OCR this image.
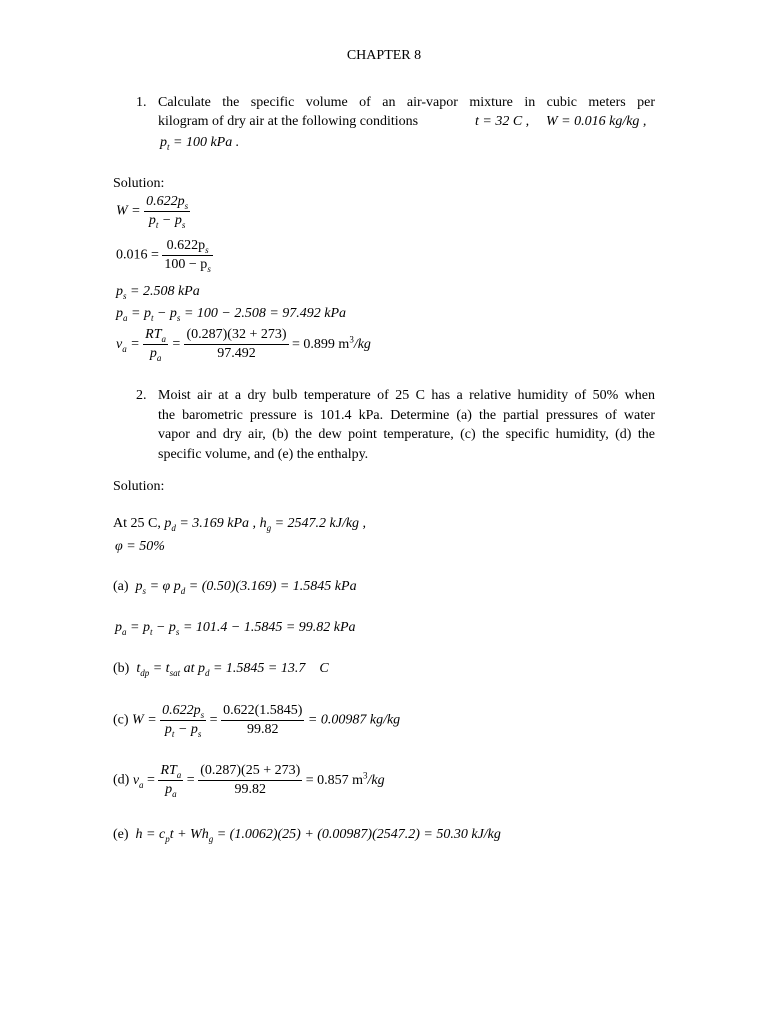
CHAPTER 8
1. Calculate the specific volume of an air-vapor mixture in cubic meters per
kilogram of dry air at the following conditions	t = 32 C , W = 0.016 kg/kg ,
$p_t = 100$ kPa .
Solution:
$W = \frac{0.622p_s}{p_t - p_s}$
$0.016 = \frac{0.622p_s}{100 - p_s}$
$p_s = 2.508$ kPa
$p_a = p_t - p_s = 100 - 2.508 = 97.492$ kPa
$v_a = \frac{RT_a}{p_a} = \frac{(0.287)(32 + 273)}{97.492} = 0.899$ $m^3/kg$
2. Moist air at a dry bulb temperature of 25 C has a relative humidity of 50% when
the barometric pressure is 101.4 kPa. Determine (a) the partial pressures of water
vapor and dry air, (b) the dew point temperature, (c) the specific humidity, (d) the
specific volume, and (e) the enthalpy.
Solution:
At 25 C, $p_d = 3.169$ kPa , $h_g = 2547.2$ kJ/kg ,
φ = 50%
(a) $p_s = \varphi$ $p_d = (0.50)(3.169) = 1.5845$ kPa
$p_a = p_t - p_s = 101.4 - 1.5845 = 99.82$ kPa
(b) $t_{dp} = t_{sat}$ at $p_d = 1.5845 = 13.7$ C
(c) $W = \frac{0.622p_s}{p_t - p_s} = \frac{0.622(1.5845)}{99.82} = 0.00987$ kg/kg
(d) $v_a = \frac{RT_a}{p_a} = \frac{(0.287)(25 + 273)}{99.82} = 0.857$ $m^3/kg$
(e) $h = c_pt + Wh_g = (1.0062)(25) + (0.00987)(2547.2) = 50.30$ kJ/kg
